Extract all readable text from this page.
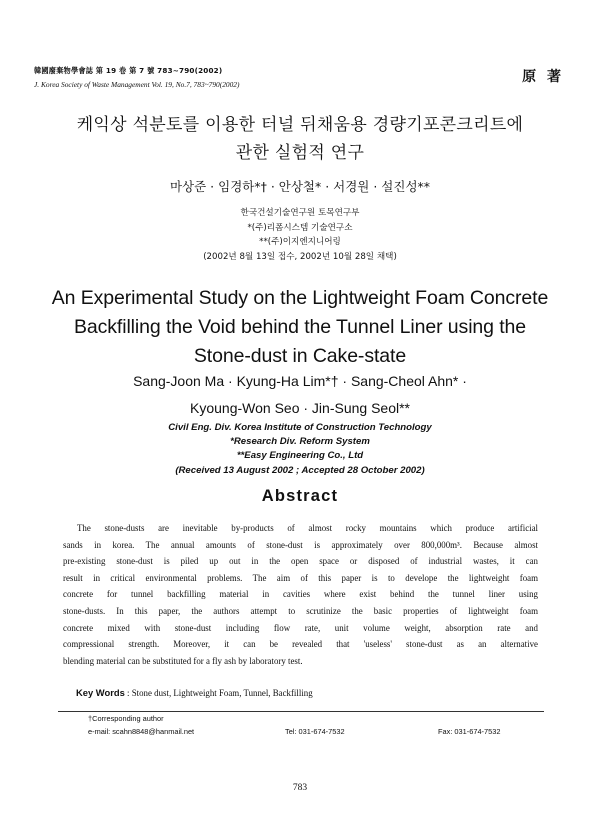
韓國廢棄物學會誌 第 19 卷 第 7 號 783~790(2002)
J. Korea Society of Waste Management Vol. 19, No.7, 783~790(2002)	原 著
케익상 석분토를 이용한 터널 뒤채움용 경량기포콘크리트에
관한 실험적 연구
마상준 · 임경하*† · 안상철* · 서경원 · 설진성**
한국건설기술연구원 토목연구부
*(주)리폼시스템 기술연구소
**(주)이지엔지니어링
(2002년 8월 13일 접수, 2002년 10월 28일 채택)
An Experimental Study on the Lightweight Foam Concrete
Backfilling the Void behind the Tunnel Liner using the
Stone-dust in Cake-state
Sang-Joon Ma · Kyung-Ha Lim*† · Sang-Cheol Ahn* ·
Kyoung-Won Seo · Jin-Sung Seol**
Civil Eng. Div. Korea Institute of Construction Technology
*Research Div. Reform System
**Easy Engineering Co., Ltd
(Received 13 August 2002 ; Accepted 28 October 2002)
Abstract
The stone-dusts are inevitable by-products of almost rocky mountains which produce artificial
sands in korea. The annual amounts of stone-dust is approximately over 800,000m³. Because almost
pre-existing stone-dust is piled up out in the open space or disposed of industrial wastes, it can
result in critical environmental problems. The aim of this paper is to develope the lightweight foam
concrete for tunnel backfilling material in cavities where exist behind the tunnel liner using
stone-dusts. In this paper, the authors attempt to scrutinize the basic properties of lightweight foam
concrete mixed with stone-dust including flow rate, unit volume weight, absorption rate and
compressional strength. Moreover, it can be revealed that 'useless' stone-dust as an alternative
blending material can be substituted for a fly ash by laboratory test.
Key Words : Stone dust, Lightweight Foam, Tunnel, Backfilling
†Corresponding author
e-mail: scahn8848@hanmail.net	Tel: 031-674-7532	Fax: 031-674-7532
783
